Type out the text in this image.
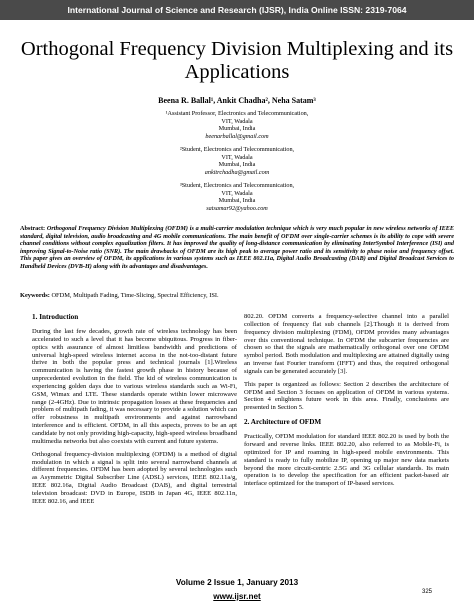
International Journal of Science and Research (IJSR), India Online ISSN: 2319-7064
Orthogonal Frequency Division Multiplexing and its Applications
Beena R. Ballal¹, Ankit Chadha², Neha Satam³
¹Assistant Professor, Electronics and Telecommunication,
VIT, Wadala
Mumbai, India
beenarballal@gmail.com
²Student, Electronics and Telecommunication,
VIT, Wadala
Mumbai, India
ankitrchadha@gmail.com
³Student, Electronics and Telecommunication,
VIT, Wadala
Mumbai, India
satsamar92@yahoo.com
Abstract: Orthogonal Frequency Division Multiplexing (OFDM) is a multi-carrier modulation technique which is very much popular in new wireless networks of IEEE standard, digital television, audio broadcasting and 4G mobile communications. The main benefit of OFDM over single-carrier schemes is its ability to cope with severe channel conditions without complex equalization filters. It has improved the quality of long-distance communication by eliminating InterSymbol Interference (ISI) and improving Signal-to-Noise ratio (SNR). The main drawbacks of OFDM are its high peak to average power ratio and its sensitivity to phase noise and frequency offset. This paper gives an overview of OFDM, its applications in various systems such as IEEE 802.11a, Digital Audio Broadcasting (DAB) and Digital Broadcast Services to Handheld Devices (DVB-H) along with its advantages and disadvantages.
Keywords: OFDM, Multipath Fading, Time-Slicing, Spectral Efficiency, ISI.
1. Introduction

During the last few decades, growth rate of wireless technology has been accelerated to such a level that it has become ubiquitous. Progress in fiber-optics with assurance of almost limitless bandwidth and predictions of universal high-speed wireless internet access in the not-too-distant future thrive in both the popular press and technical journals [1].Wireless communication is having the fastest growth phase in history because of unprecedented evolution in the field. The kid of wireless communication is experiencing golden days due to various wireless standards such as Wi-Fi, GSM, Wimax and LTE. These standards operate within lower microwave range (2-4GHz). Due to intrinsic propagation losses at these frequencies and problem of multipath fading, it was necessary to provide a solution which can offer robustness in multipath environments and against narrowband interference and is efficient. OFDM, in all this aspects, proves to be an apt candidate by not only providing high-capacity, high-speed wireless broadband multimedia networks but also coexists with current and future systems.

Orthogonal frequency-division multiplexing (OFDM) is a method of digital modulation in which a signal is split into several narrowband channels at different frequencies. OFDM has been adopted by several technologies such as Asymmetric Digital Subscriber Line (ADSL) services, IEEE 802.11a/g, IEEE 802.16a, Digital Audio Broadcast (DAB), and digital terrestrial television broadcast: DVD in Europe, ISDB in Japan 4G, IEEE 802.11n, IEEE 802.16, and IEEE

802.20. OFDM converts a frequency-selective channel into a parallel collection of frequency flat sub channels [2].Though it is derived from frequency division multiplexing (FDM), OFDM provides many advantages over this conventional technique. In OFDM the subcarrier frequencies are chosen so that the signals are mathematically orthogonal over one OFDM symbol period. Both modulation and multiplexing are attained digitally using an inverse fast Fourier transform (IFFT) and thus, the required orthogonal signals can be generated accurately [3].

This paper is organized as follows: Section 2 describes the architecture of OFDM and Section 3 focuses on application of OFDM in various systems. Section 4 enlightens future work in this area. Finally, conclusions are presented in Section 5.

2. Architecture of OFDM

Practically, OFDM modulation for standard IEEE 802.20 is used by both the forward and reverse links. IEEE 802.20, also referred to as Mobile-Fi, is optimized for IP and roaming in high-speed mobile environments. This standard is ready to fully mobilize IP, opening up major new data markets beyond the more circuit-centric 2.5G and 3G cellular standards. Its main operation is to develop the specification for an efficient packet-based air interface optimized for the transport of IP-based services.

Volume 2 Issue 1, January 2013
www.ijsr.net	325
